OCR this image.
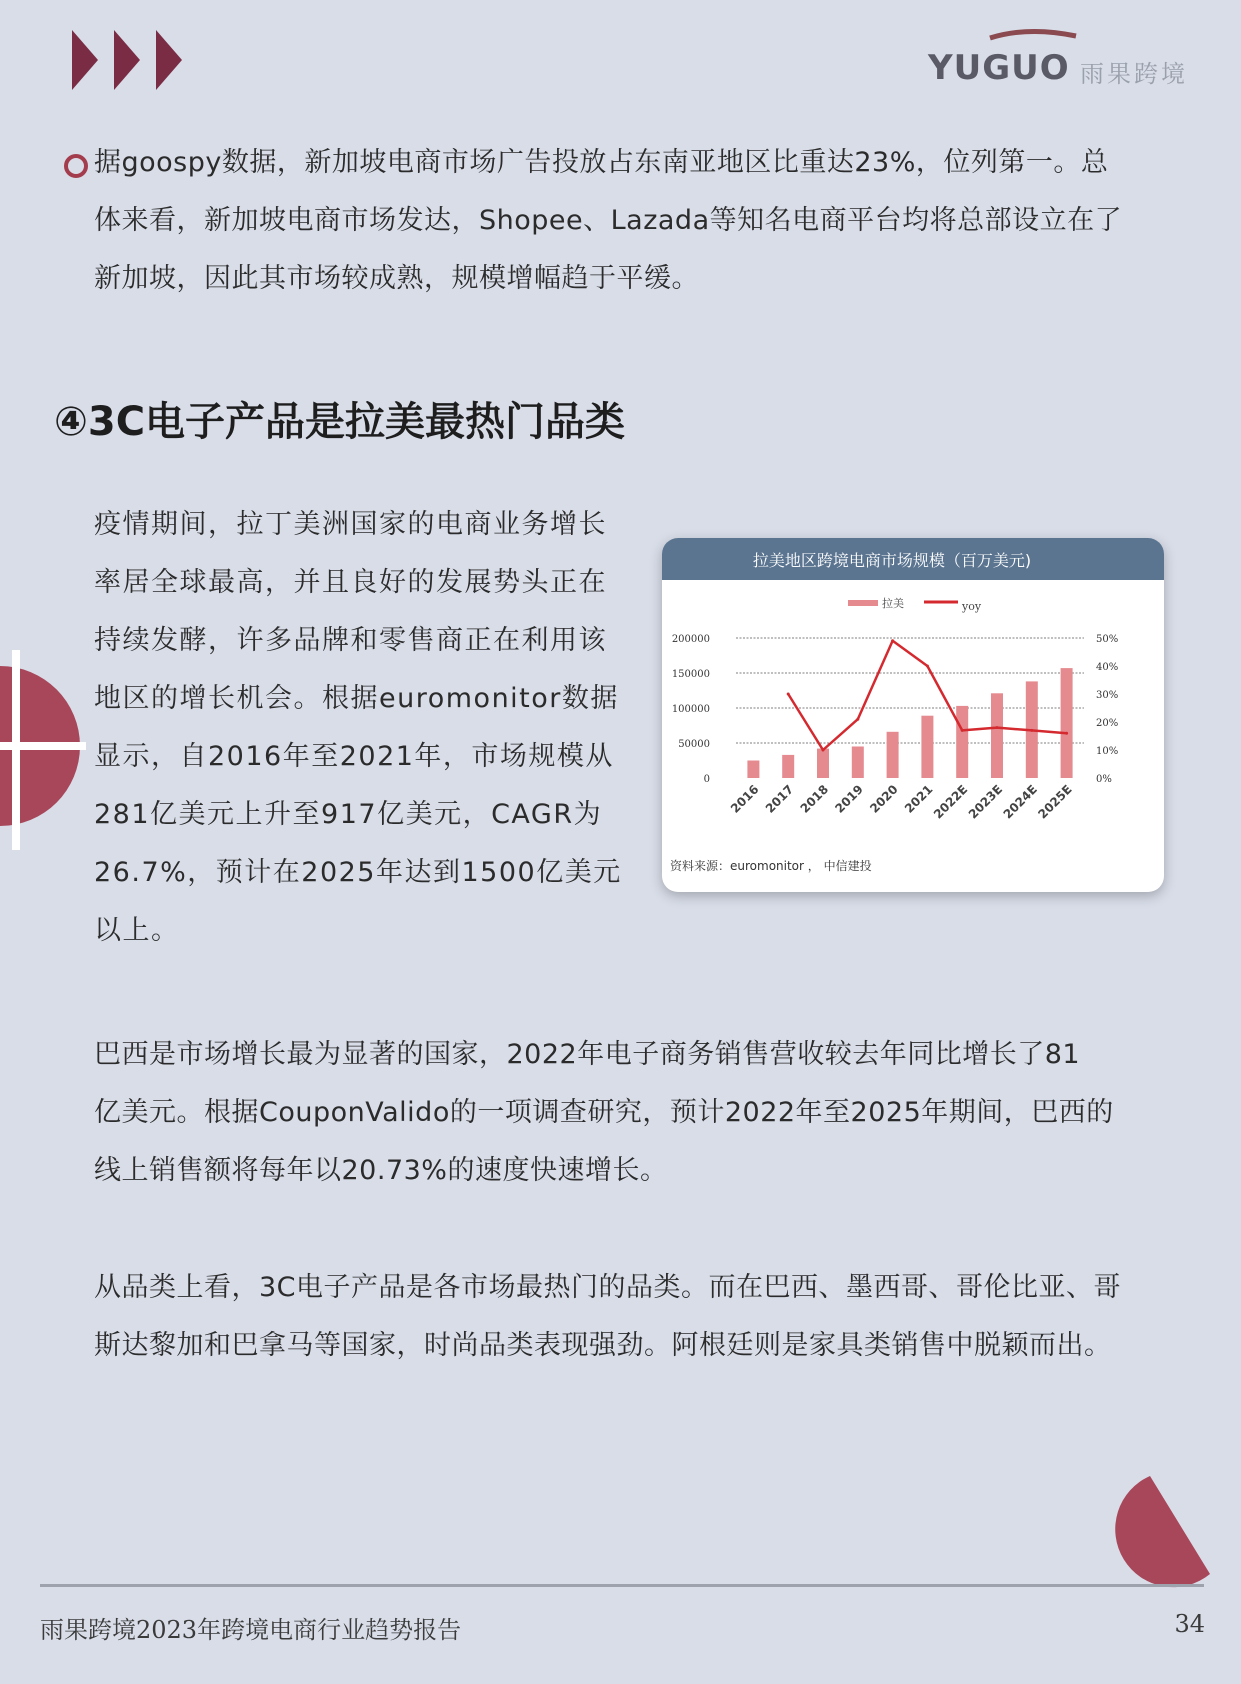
YUGUO 雨果跨境
据goospy数据，新加坡电商市场广告投放占东南亚地区比重达23%，位列第一。总
体来看，新加坡电商市场发达，Shopee、Lazada等知名电商平台均将总部设立在了
新加坡，因此其市场较成熟，规模增幅趋于平缓。
④3C电子产品是拉美最热门品类
疫情期间，拉丁美洲国家的电商业务增长
率居全球最高，并且良好的发展势头正在
持续发酵，许多品牌和零售商正在利用该
地区的增长机会。根据euromonitor数据
显示，自2016年至2021年，市场规模从
281亿美元上升至917亿美元，CAGR为
26.7%，预计在2025年达到1500亿美元
以上。
拉美地区跨境电商市场规模（百万美元)
资料来源：euromonitor ， 中信建投
0
50000
100000
150000
200000
0%
10%
20%
30%
40%
50%
2016 2017 2018 2019 2020 2021
2022E
2023E
2024E
2025E
拉美	yoy
巴西是市场增长最为显著的国家，2022年电子商务销售营收较去年同比增长了81
亿美元。根据CouponValido的一项调查研究，预计2022年至2025年期间，巴西的
线上销售额将每年以20.73%的速度快速增长。
从品类上看，3C电子产品是各市场最热门的品类。而在巴西、墨西哥、哥伦比亚、哥
斯达黎加和巴拿马等国家，时尚品类表现强劲。阿根廷则是家具类销售中脱颖而出。
雨果跨境2023年跨境电商行业趋势报告	34
